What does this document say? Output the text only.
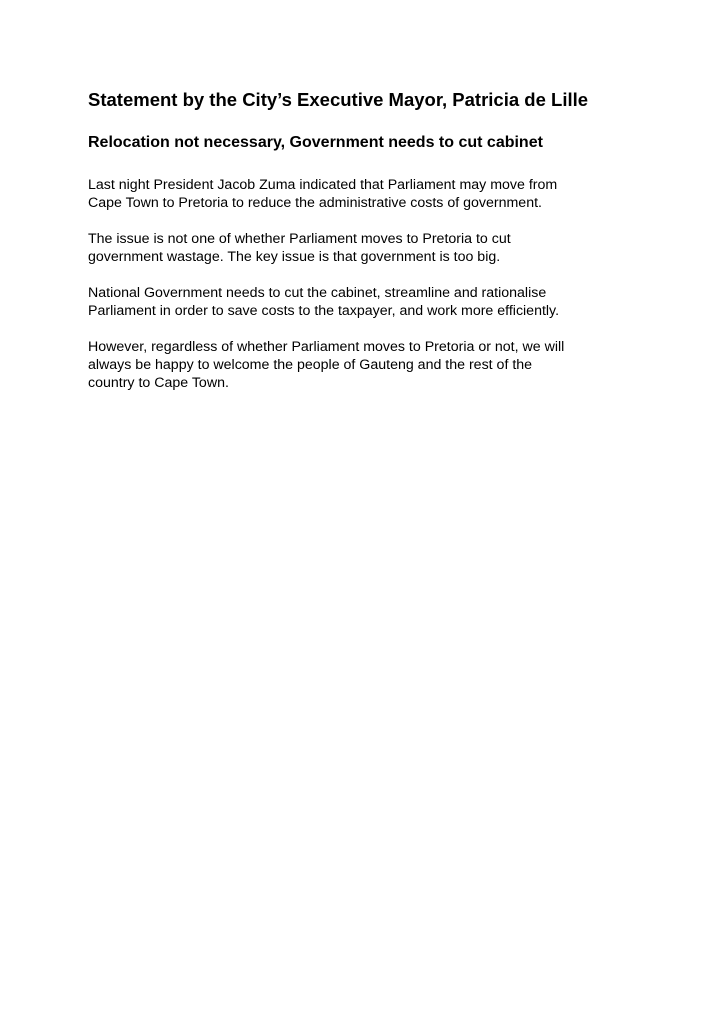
Statement by the City’s Executive Mayor, Patricia de Lille
Relocation not necessary, Government needs to cut cabinet

Last night President Jacob Zuma indicated that Parliament may move from
Cape Town to Pretoria to reduce the administrative costs of government.

The issue is not one of whether Parliament moves to Pretoria to cut
government wastage. The key issue is that government is too big.

National Government needs to cut the cabinet, streamline and rationalise
Parliament in order to save costs to the taxpayer, and work more efficiently.

However, regardless of whether Parliament moves to Pretoria or not, we will
always be happy to welcome the people of Gauteng and the rest of the
country to Cape Town.
